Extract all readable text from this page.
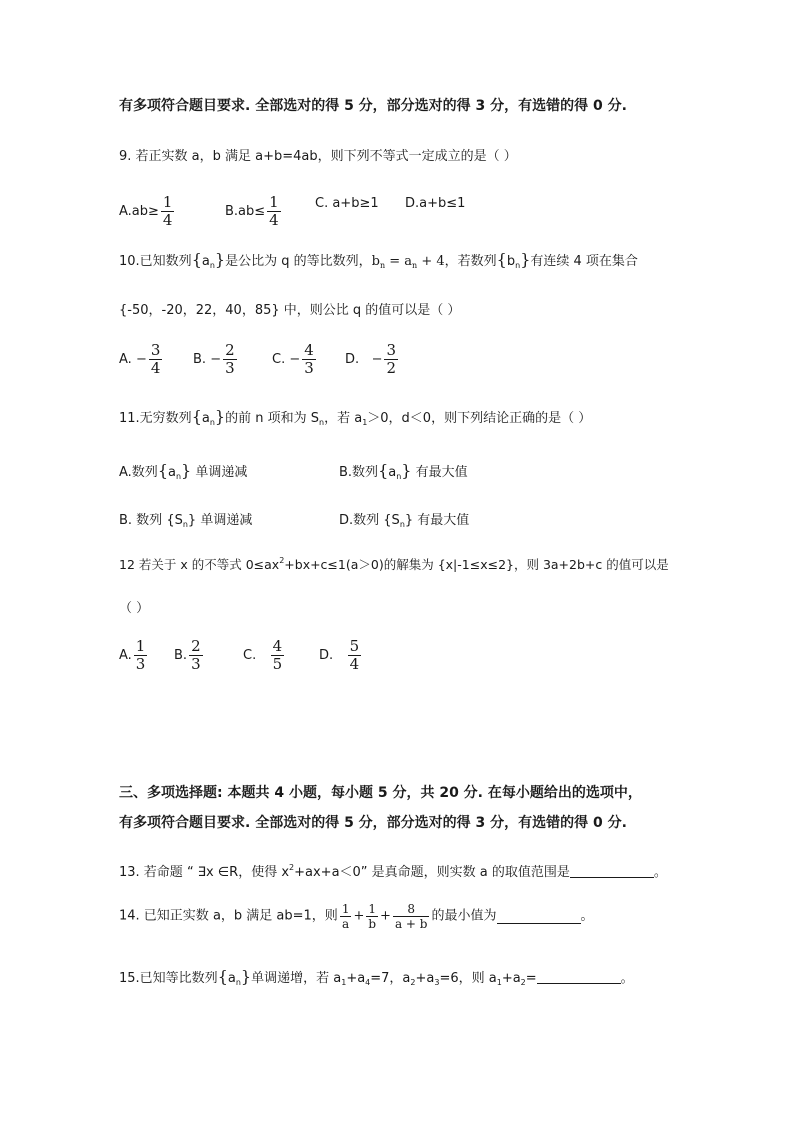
有多项符合题目要求. 全部选对的得 5 分，部分选对的得 3 分，有选错的得 0 分.
9. 若正实数 a，b 满足 a+b=4ab，则下列不等式一定成立的是（ ）
$A.ab\ge \frac{1}{4}$	$B.ab\le \frac{1}{4}$	C. a+b≥1 D.a+b≤1
10.已知数列$\{a_n\}$是公比为 q 的等比数列，$b_n = a_n + 4$，若数列$\{b_n\}$有连续 4 项在集合
{-50，-20，22，40，85} 中，则公比 q 的值可以是（ ）
A. − $\frac{3}{4} B$. − $\frac{2}{3}$	C. − $\frac{4}{3} D$. − $\frac{3}{2}$
11.无穷数列$\{a_n\}$的前 n 项和为 $S_n$，若 $a_1>0$，d＜0，则下列结论正确的是（ ）
A.数列$\{a_n\}$ 单调递减	B.数列$\{a_n\}$ 有最大值
B. 数列 $\{S_n\}$ 单调递减	D.数列 $\{S_n\}$ 有最大值
12 若关于 x 的不等式 $0\le ax^2+bx+c\le 1(a>0)$的解集为 {x|-1≤x≤2}，则 3a+2b+c 的值可以是
（ ）
A. $\frac{1}{3} B$. $\frac{2}{3}$	C. $\frac{4}{5}$	D. $\frac{5}{4}$
三、多项选择题: 本题共 4 小题，每小题 5 分，共 20 分. 在每小题给出的选项中，
有多项符合题目要求. 全部选对的得 5 分，部分选对的得 3 分，有选错的得 0 分.
13. 若命题 “ ∃x ∈R，使得 $x^2+ax+a<0$” 是真命题，则实数 a 的取值范围是	。
14. 已知正实数 a，b 满足 ab=1，则 $\frac{1}{a} + \frac{1}{b} + \frac{8}{a + b}$ 的最小值为	。
15.已知等比数列$\{a_n\}$单调递增，若 $a_1+a_4=7$，$a_2+a_3=6$，则 $a_1+a_2=$	。
